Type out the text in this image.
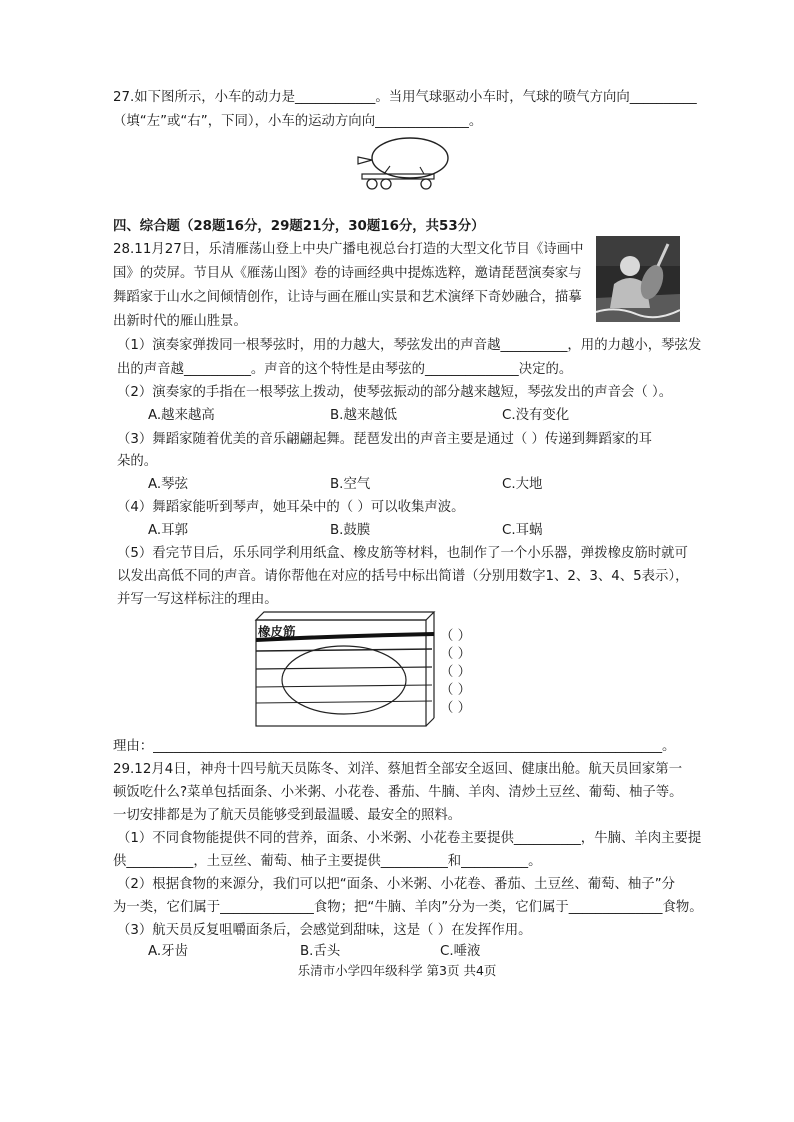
27.如下图所示，小车的动力是____________。当用气球驱动小车时，气球的喷气方向向__________
（填“左”或“右”，下同），小车的运动方向向______________。
四、综合题（28题16分，29题21分，30题16分，共53分）
28.11月27日，乐清雁荡山登上中央广播电视总台打造的大型文化节目《诗画中
国》的荧屏。节目从《雁荡山图》卷的诗画经典中提炼选粹，邀请琵琶演奏家与
舞蹈家于山水之间倾情创作，让诗与画在雁山实景和艺术演绎下奇妙融合，描摹
出新时代的雁山胜景。
（1）演奏家弹拨同一根琴弦时，用的力越大，琴弦发出的声音越__________，用的力越小，琴弦发
出的声音越__________。声音的这个特性是由琴弦的______________决定的。
（2）演奏家的手指在一根琴弦上拨动，使琴弦振动的部分越来越短，琴弦发出的声音会（ ）。
A.越来越高	B.越来越低	C.没有变化
（3）舞蹈家随着优美的音乐翩翩起舞。琵琶发出的声音主要是通过（ ）传递到舞蹈家的耳
朵的。
A.琴弦	B.空气	C.大地
（4）舞蹈家能听到琴声，她耳朵中的（ ）可以收集声波。
A.耳郭	B.鼓膜	C.耳蜗
（5）看完节目后，乐乐同学利用纸盒、橡皮筋等材料，也制作了一个小乐器，弹拨橡皮筋时就可
以发出高低不同的声音。请你帮他在对应的括号中标出简谱（分别用数字1、2、3、4、5表示），
并写一写这样标注的理由。
橡皮筋	（ ）
（ ）
（ ）
（ ）
（ ）
理由：____________________________________________________________________________。
29.12月4日，神舟十四号航天员陈冬、刘洋、蔡旭哲全部安全返回、健康出舱。航天员回家第一
顿饭吃什么?菜单包括面条、小米粥、小花卷、番茄、牛腩、羊肉、清炒土豆丝、葡萄、柚子等。
一切安排都是为了航天员能够受到最温暖、最安全的照料。
（1）不同食物能提供不同的营养，面条、小米粥、小花卷主要提供__________，牛腩、羊肉主要提
供__________，土豆丝、葡萄、柚子主要提供__________和__________。
（2）根据食物的来源分，我们可以把“面条、小米粥、小花卷、番茄、土豆丝、葡萄、柚子”分
为一类，它们属于______________食物；把“牛腩、羊肉”分为一类，它们属于______________食物。
（3）航天员反复咀嚼面条后，会感觉到甜味，这是（ ）在发挥作用。
A.牙齿	B.舌头	C.唾液
乐清市小学四年级科学 第3页 共4页
